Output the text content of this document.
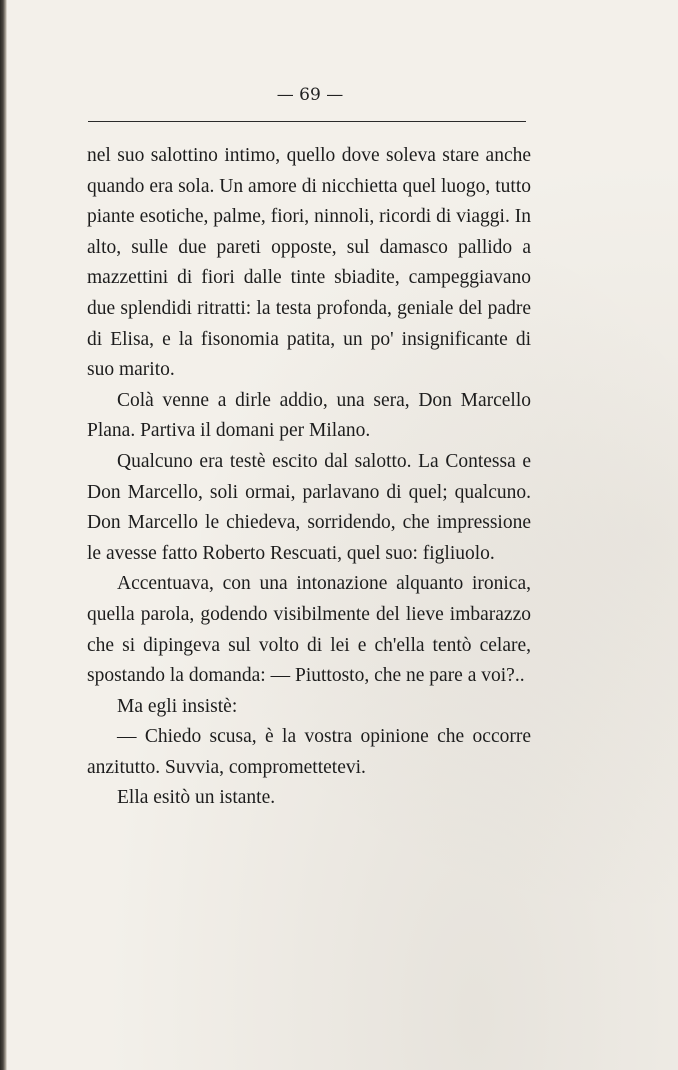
— 69 —

nel suo salottino intimo, quello dove soleva stare anche quando era sola. Un amore di nicchietta quel luogo, tutto piante esotiche, palme, fiori, ninnoli, ricordi di viaggi. In alto, sulle due pareti opposte, sul damasco pallido a mazzettini di fiori dalle tinte sbiadite, campeggiavano due splendidi ritratti: la testa profonda, geniale del padre di Elisa, e la fisonomia patita, un po' insignificante di suo marito.

Colà venne a dirle addio, una sera, Don Marcello Plana. Partiva il domani per Milano.

Qualcuno era testè escito dal salotto. La Contessa e Don Marcello, soli ormai, parlavano di quel; qualcuno. Don Marcello le chiedeva, sorridendo, che impressione le avesse fatto Roberto Rescuati, quel suo: figliuolo.

Accentuava, con una intonazione alquanto ironica, quella parola, godendo visibilmente del lieve imbarazzo che si dipingeva sul volto di lei e ch'ella tentò celare, spostando la domanda: — Piuttosto, che ne pare a voi?..

Ma egli insistè:

— Chiedo scusa, è la vostra opinione che occorre anzitutto. Suvvia, compromettetevi.

Ella esitò un istante.
